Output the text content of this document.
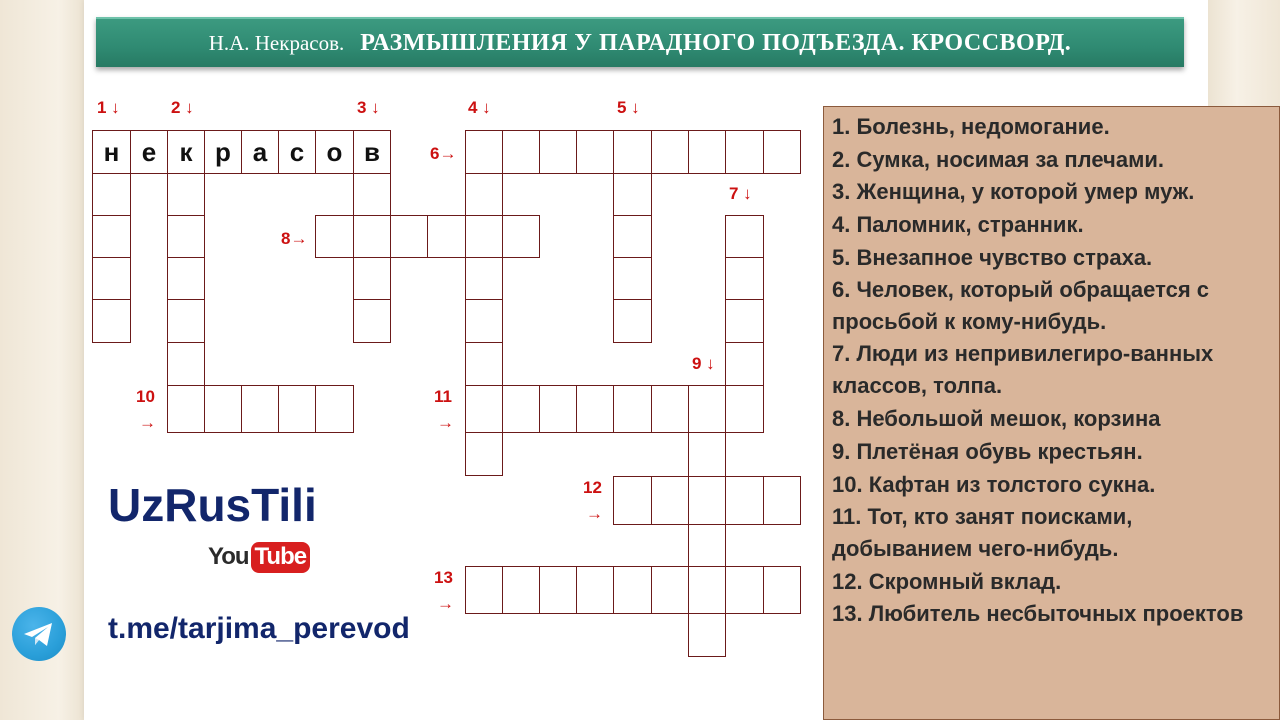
Н.А. Некрасов. РАЗМЫШЛЕНИЯ У ПАРАДНОГО ПОДЪЕЗДА. КРОССВОРД.
н е к р а с о в
1 ↓	2 ↓	3 ↓	4 ↓	5 ↓
6→
7 ↓
8→
9 ↓
10
→
11
→
12
→
13
→
1. Болезнь, недомогание.
2. Сумка, носимая за плечами.
3. Женщина, у которой умер муж.
4. Паломник, странник.
5. Внезапное чувство страха.
6. Человек, который обращается с просьбой к кому-нибудь.
7. Люди из непривилегиро-ванных классов, толпа.
8. Небольшой мешок, корзина
9. Плетёная обувь крестьян.
10. Кафтан из толстого сукна.
11. Тот, кто занят поисками, добыванием чего-нибудь.
12. Скромный вклад.
13. Любитель несбыточных проектов
UzRusTili
You Tube
t.me/tarjima_perevod
